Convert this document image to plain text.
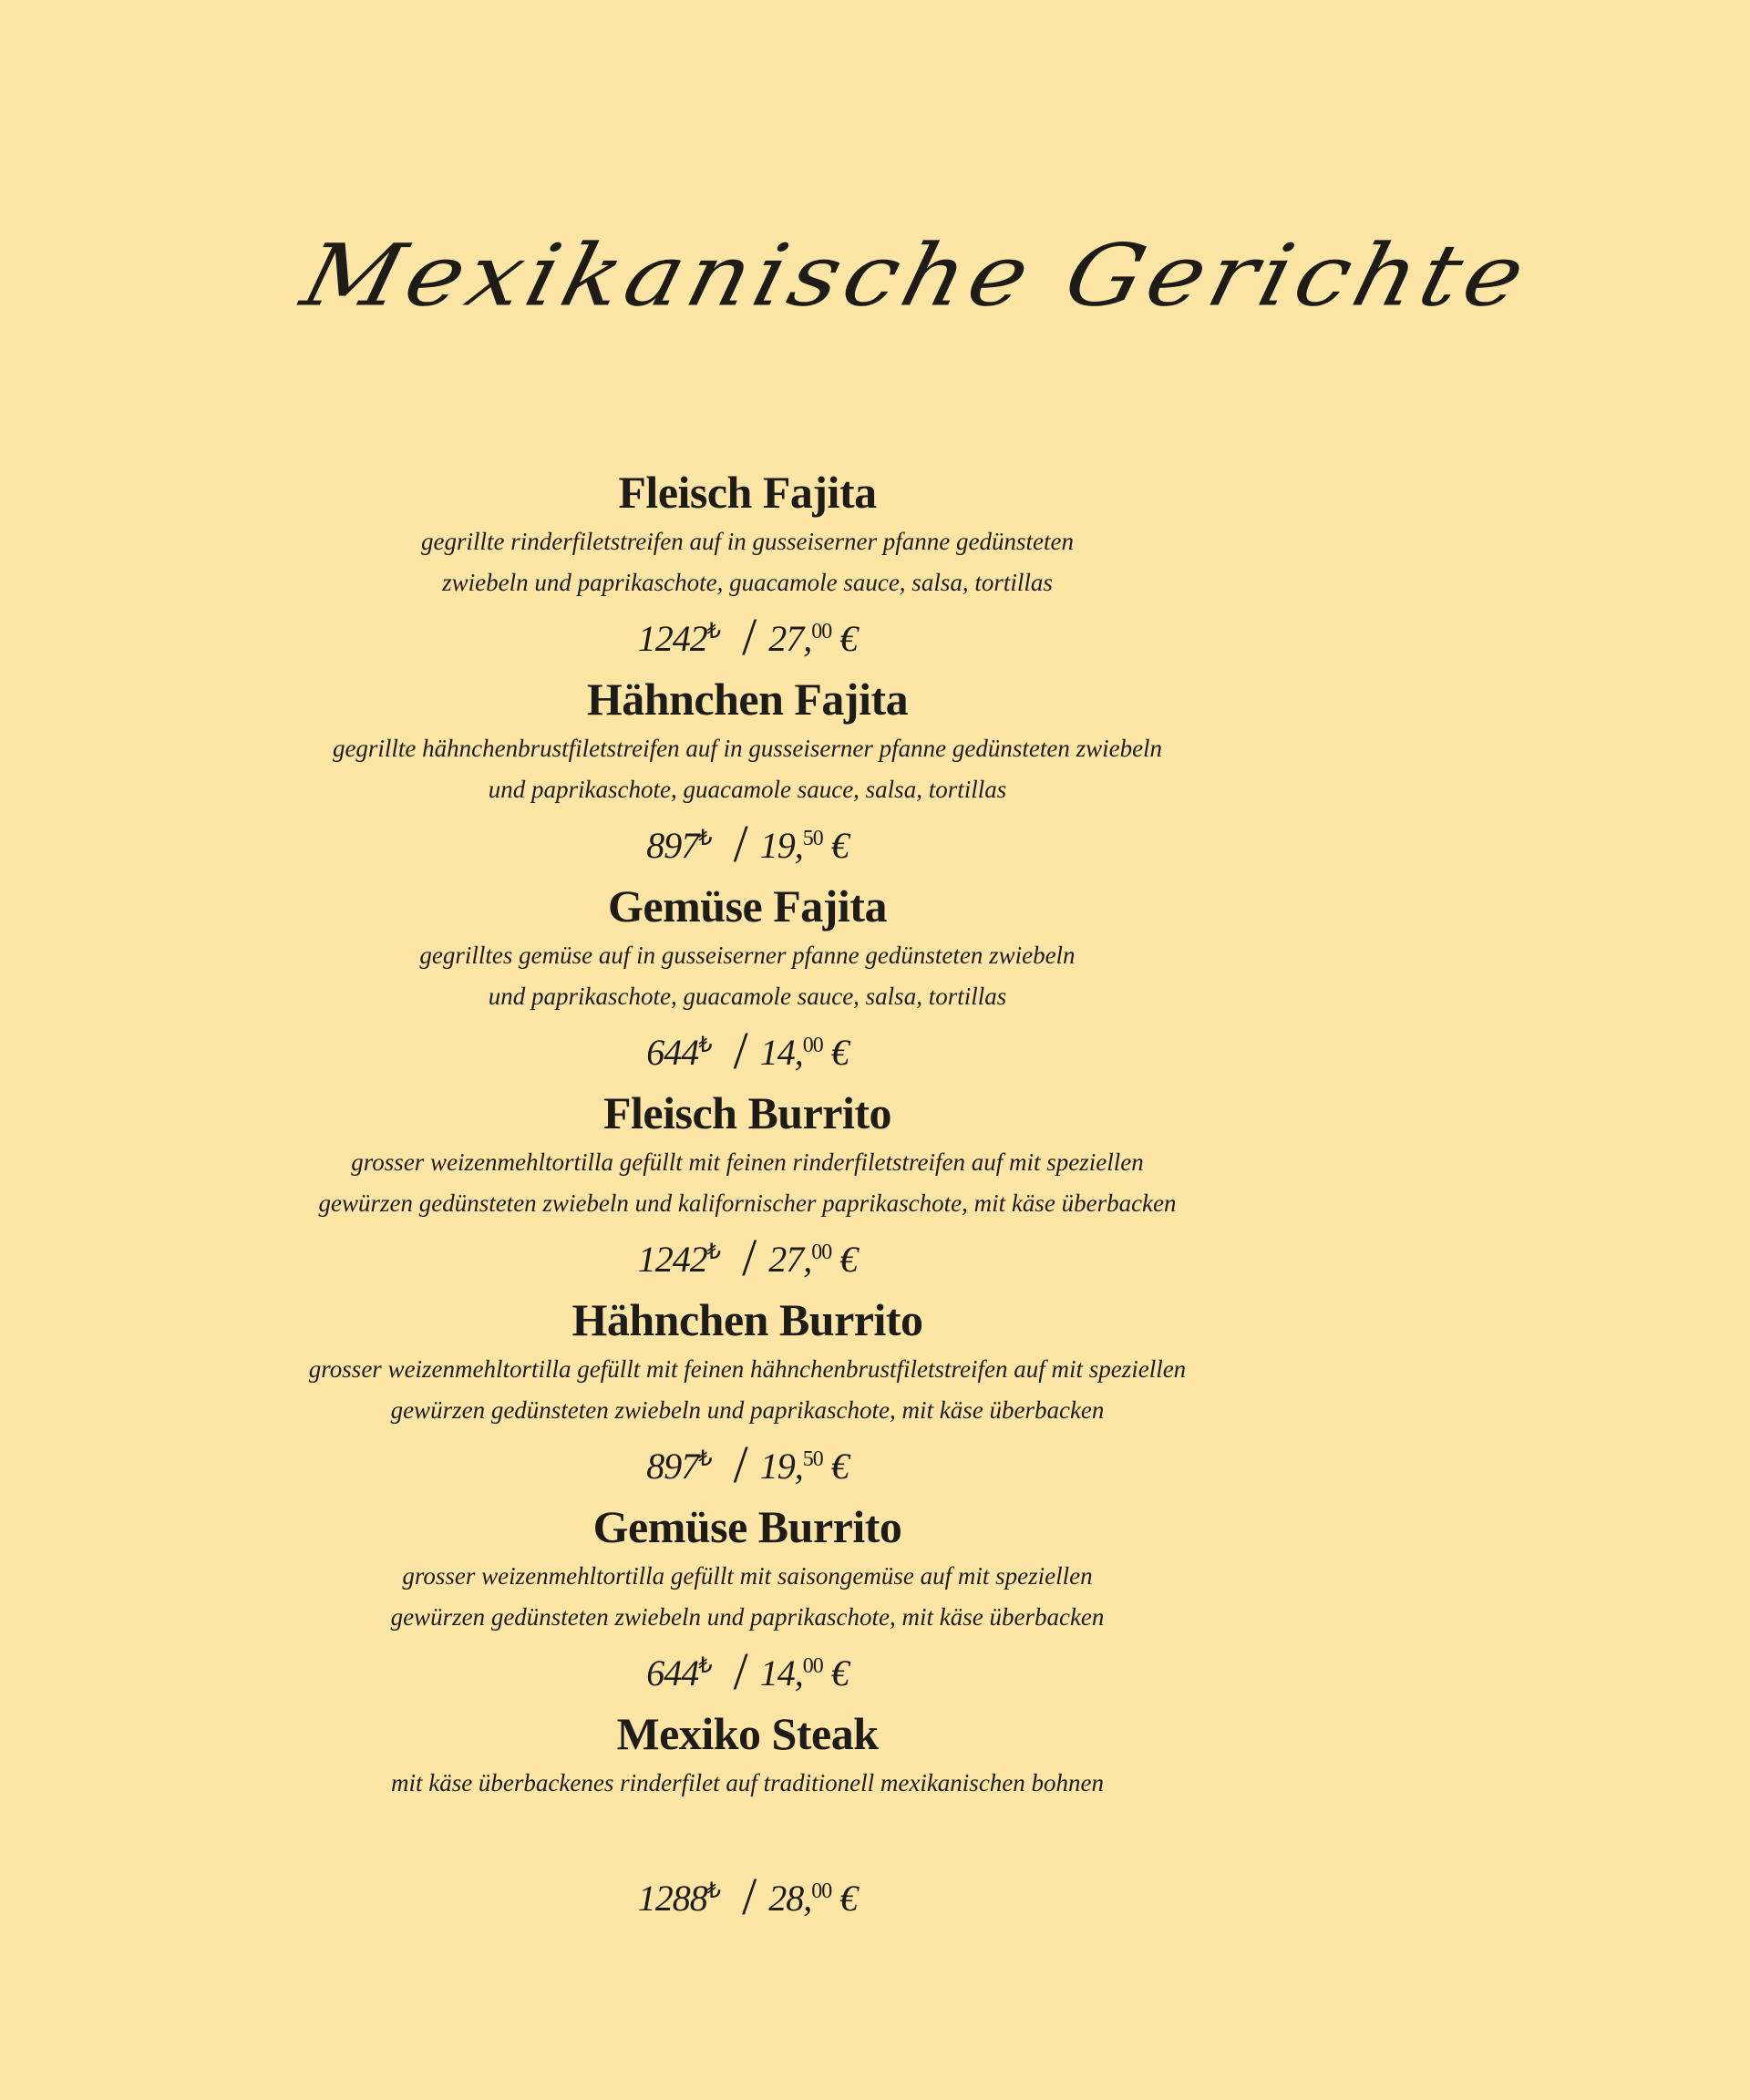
Mexikanische Gerichte
Fleisch Fajita
gegrillte rinderfiletstreifen auf in gusseiserner pfanne gedünsteten
zwiebeln und paprikaschote, guacamole sauce, salsa, tortillas
1242₺ / 27,00 €
Hähnchen Fajita
gegrillte hähnchenbrustfiletstreifen auf in gusseiserner pfanne gedünsteten zwiebeln
und paprikaschote, guacamole sauce, salsa, tortillas
897₺ / 19,50 €
Gemüse Fajita
gegrilltes gemüse auf in gusseiserner pfanne gedünsteten zwiebeln
und paprikaschote, guacamole sauce, salsa, tortillas
644₺ / 14,00 €
Fleisch Burrito
grosser weizenmehltortilla gefüllt mit feinen rinderfiletstreifen auf mit speziellen
gewürzen gedünsteten zwiebeln und kalifornischer paprikaschote, mit käse überbacken
1242₺ / 27,00 €
Hähnchen Burrito
grosser weizenmehltortilla gefüllt mit feinen hähnchenbrustfiletstreifen auf mit speziellen
gewürzen gedünsteten zwiebeln und paprikaschote, mit käse überbacken
897₺ / 19,50 €
Gemüse Burrito
grosser weizenmehltortilla gefüllt mit saisongemüse auf mit speziellen
gewürzen gedünsteten zwiebeln und paprikaschote, mit käse überbacken
644₺ / 14,00 €
Mexiko Steak
mit käse überbackenes rinderfilet auf traditionell mexikanischen bohnen
1288₺ / 28,00 €
